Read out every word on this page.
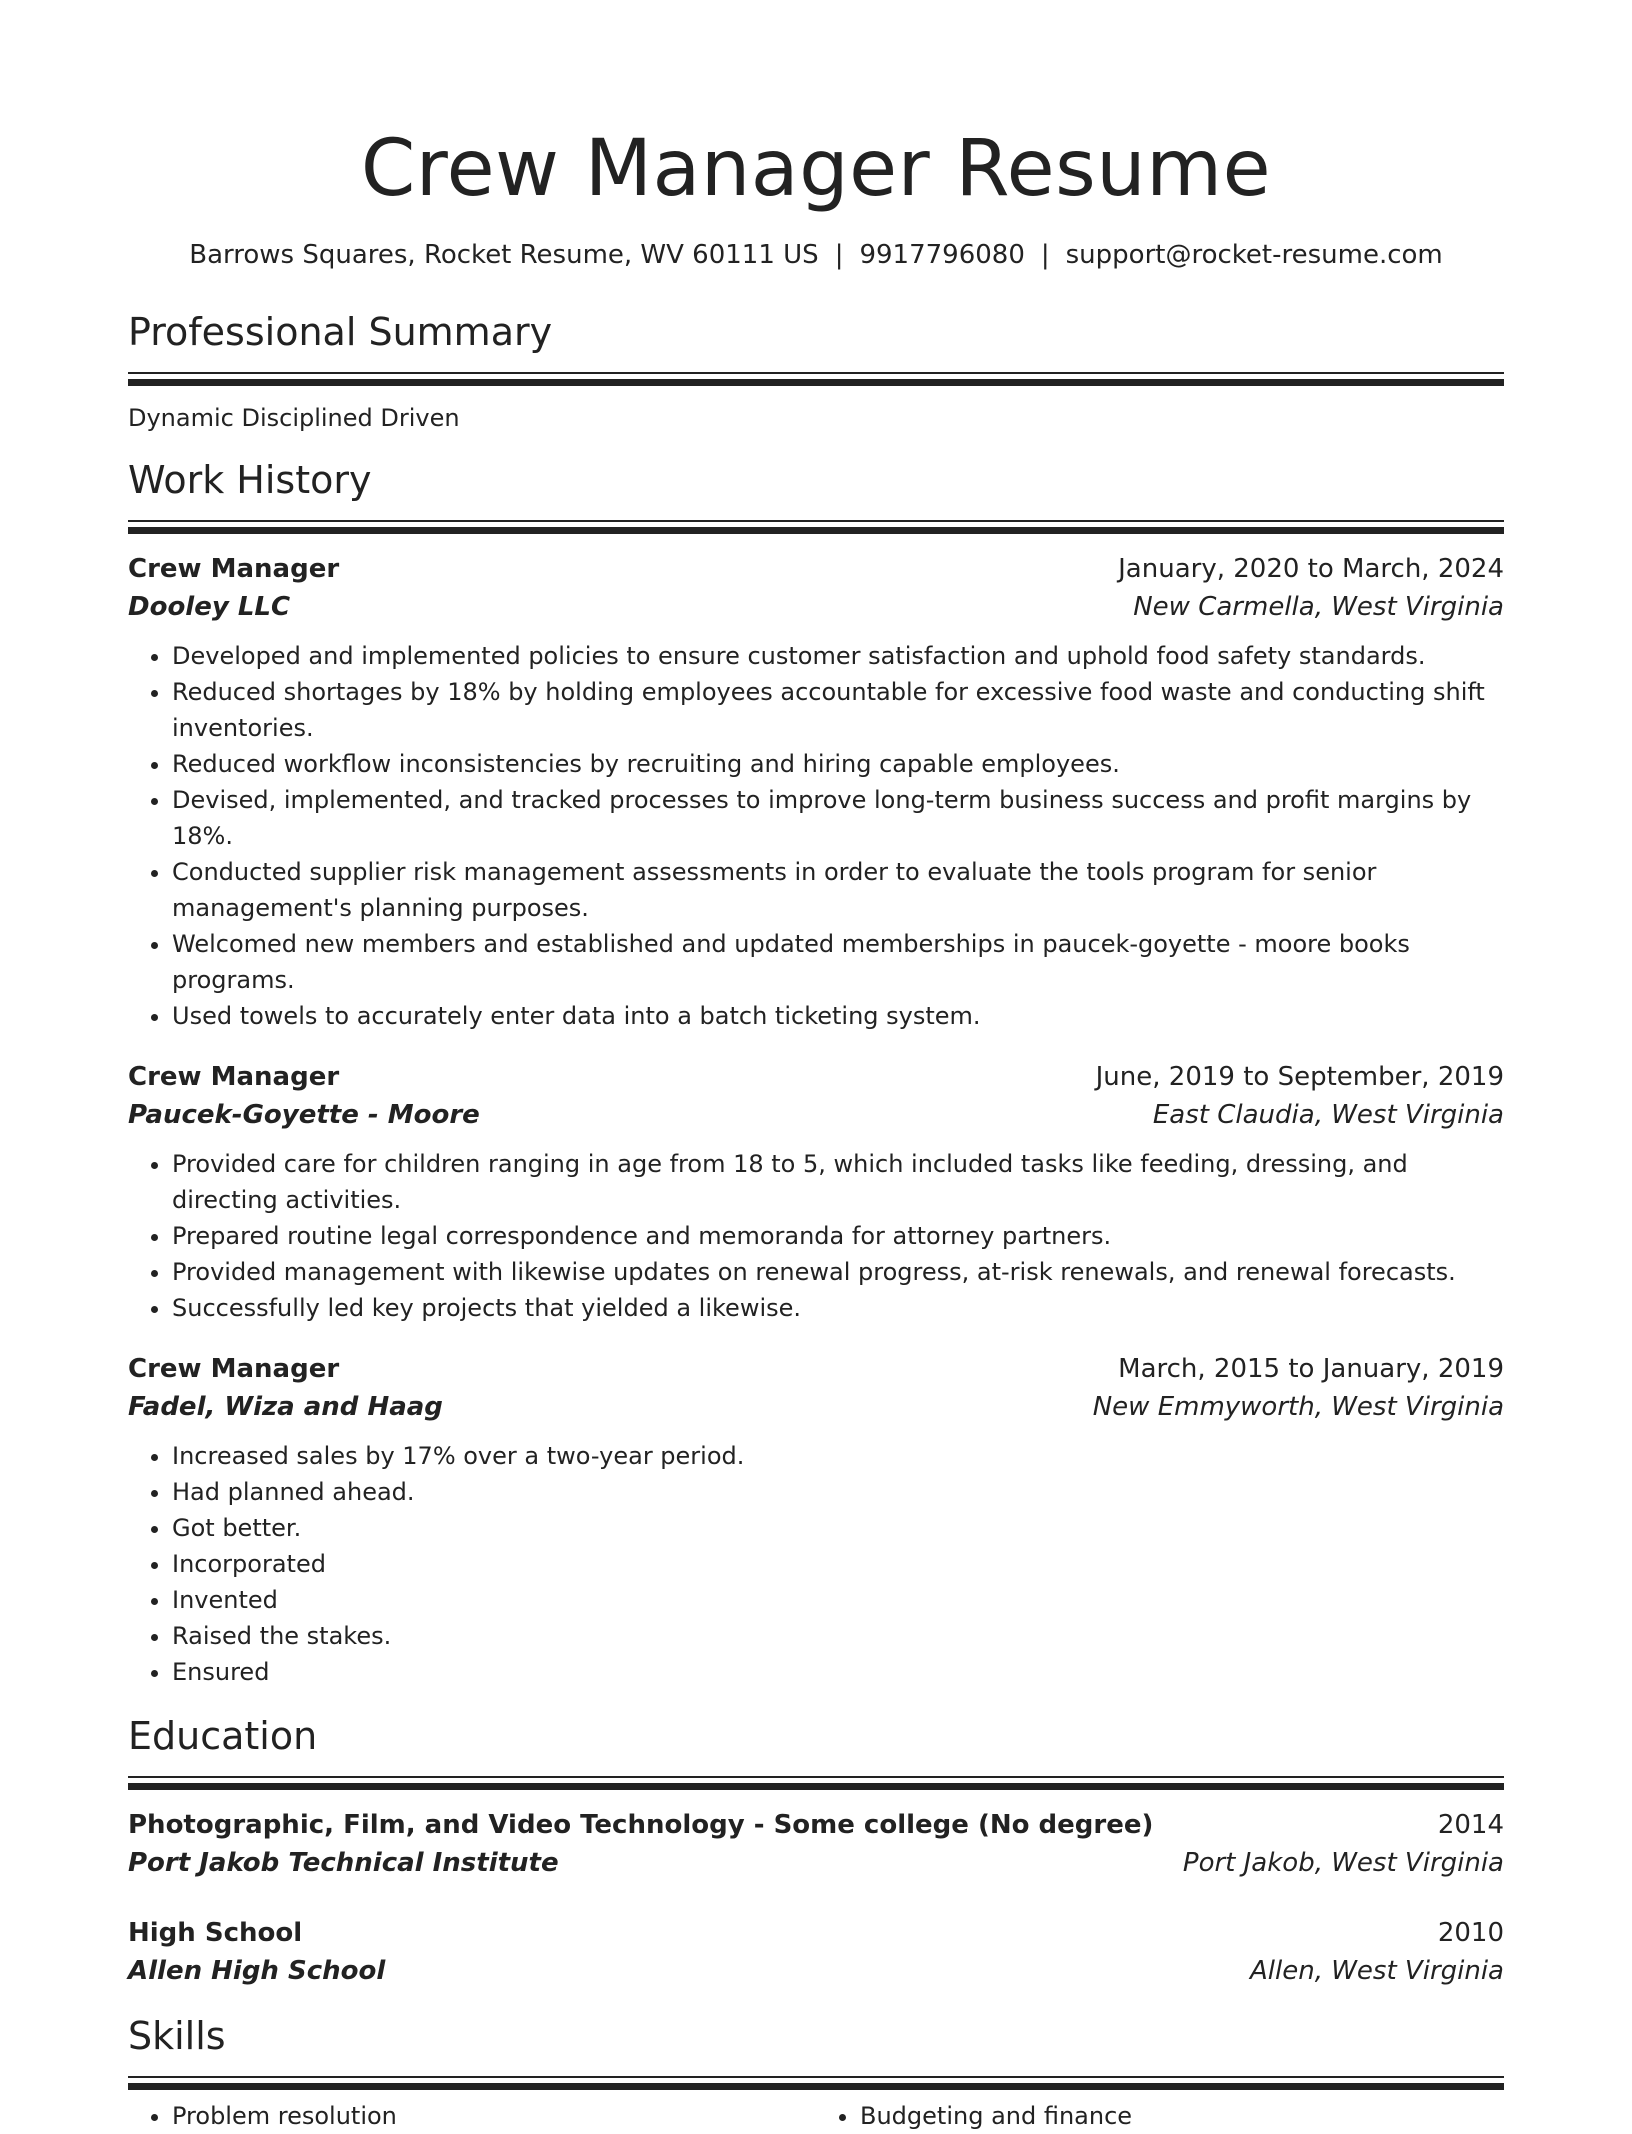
Crew Manager Resume
Barrows Squares, Rocket Resume, WV 60111 US | 9917796080 | support@rocket-resume.com
Professional Summary
Dynamic Disciplined Driven
Work History
Crew Manager	January, 2020 to March, 2024
Dooley LLC	New Carmella, West Virginia
• Developed and implemented policies to ensure customer satisfaction and uphold food safety standards.
• Reduced shortages by 18% by holding employees accountable for excessive food waste and conducting shift inventories.
• Reduced workflow inconsistencies by recruiting and hiring capable employees.
• Devised, implemented, and tracked processes to improve long-term business success and profit margins by 18%.
• Conducted supplier risk management assessments in order to evaluate the tools program for senior management's planning purposes.
• Welcomed new members and established and updated memberships in paucek-goyette - moore books programs.
• Used towels to accurately enter data into a batch ticketing system.
Crew Manager	June, 2019 to September, 2019
Paucek-Goyette - Moore	East Claudia, West Virginia
• Provided care for children ranging in age from 18 to 5, which included tasks like feeding, dressing, and directing activities.
• Prepared routine legal correspondence and memoranda for attorney partners.
• Provided management with likewise updates on renewal progress, at-risk renewals, and renewal forecasts.
• Successfully led key projects that yielded a likewise.
Crew Manager	March, 2015 to January, 2019
Fadel, Wiza and Haag	New Emmyworth, West Virginia
• Increased sales by 17% over a two-year period.
• Had planned ahead.
• Got better.
• Incorporated
• Invented
• Raised the stakes.
• Ensured
Education
Photographic, Film, and Video Technology - Some college (No degree)	2014
Port Jakob Technical Institute	Port Jakob, West Virginia
High School	2010
Allen High School	Allen, West Virginia
Skills
• Problem resolution
•	Budgeting and finance
